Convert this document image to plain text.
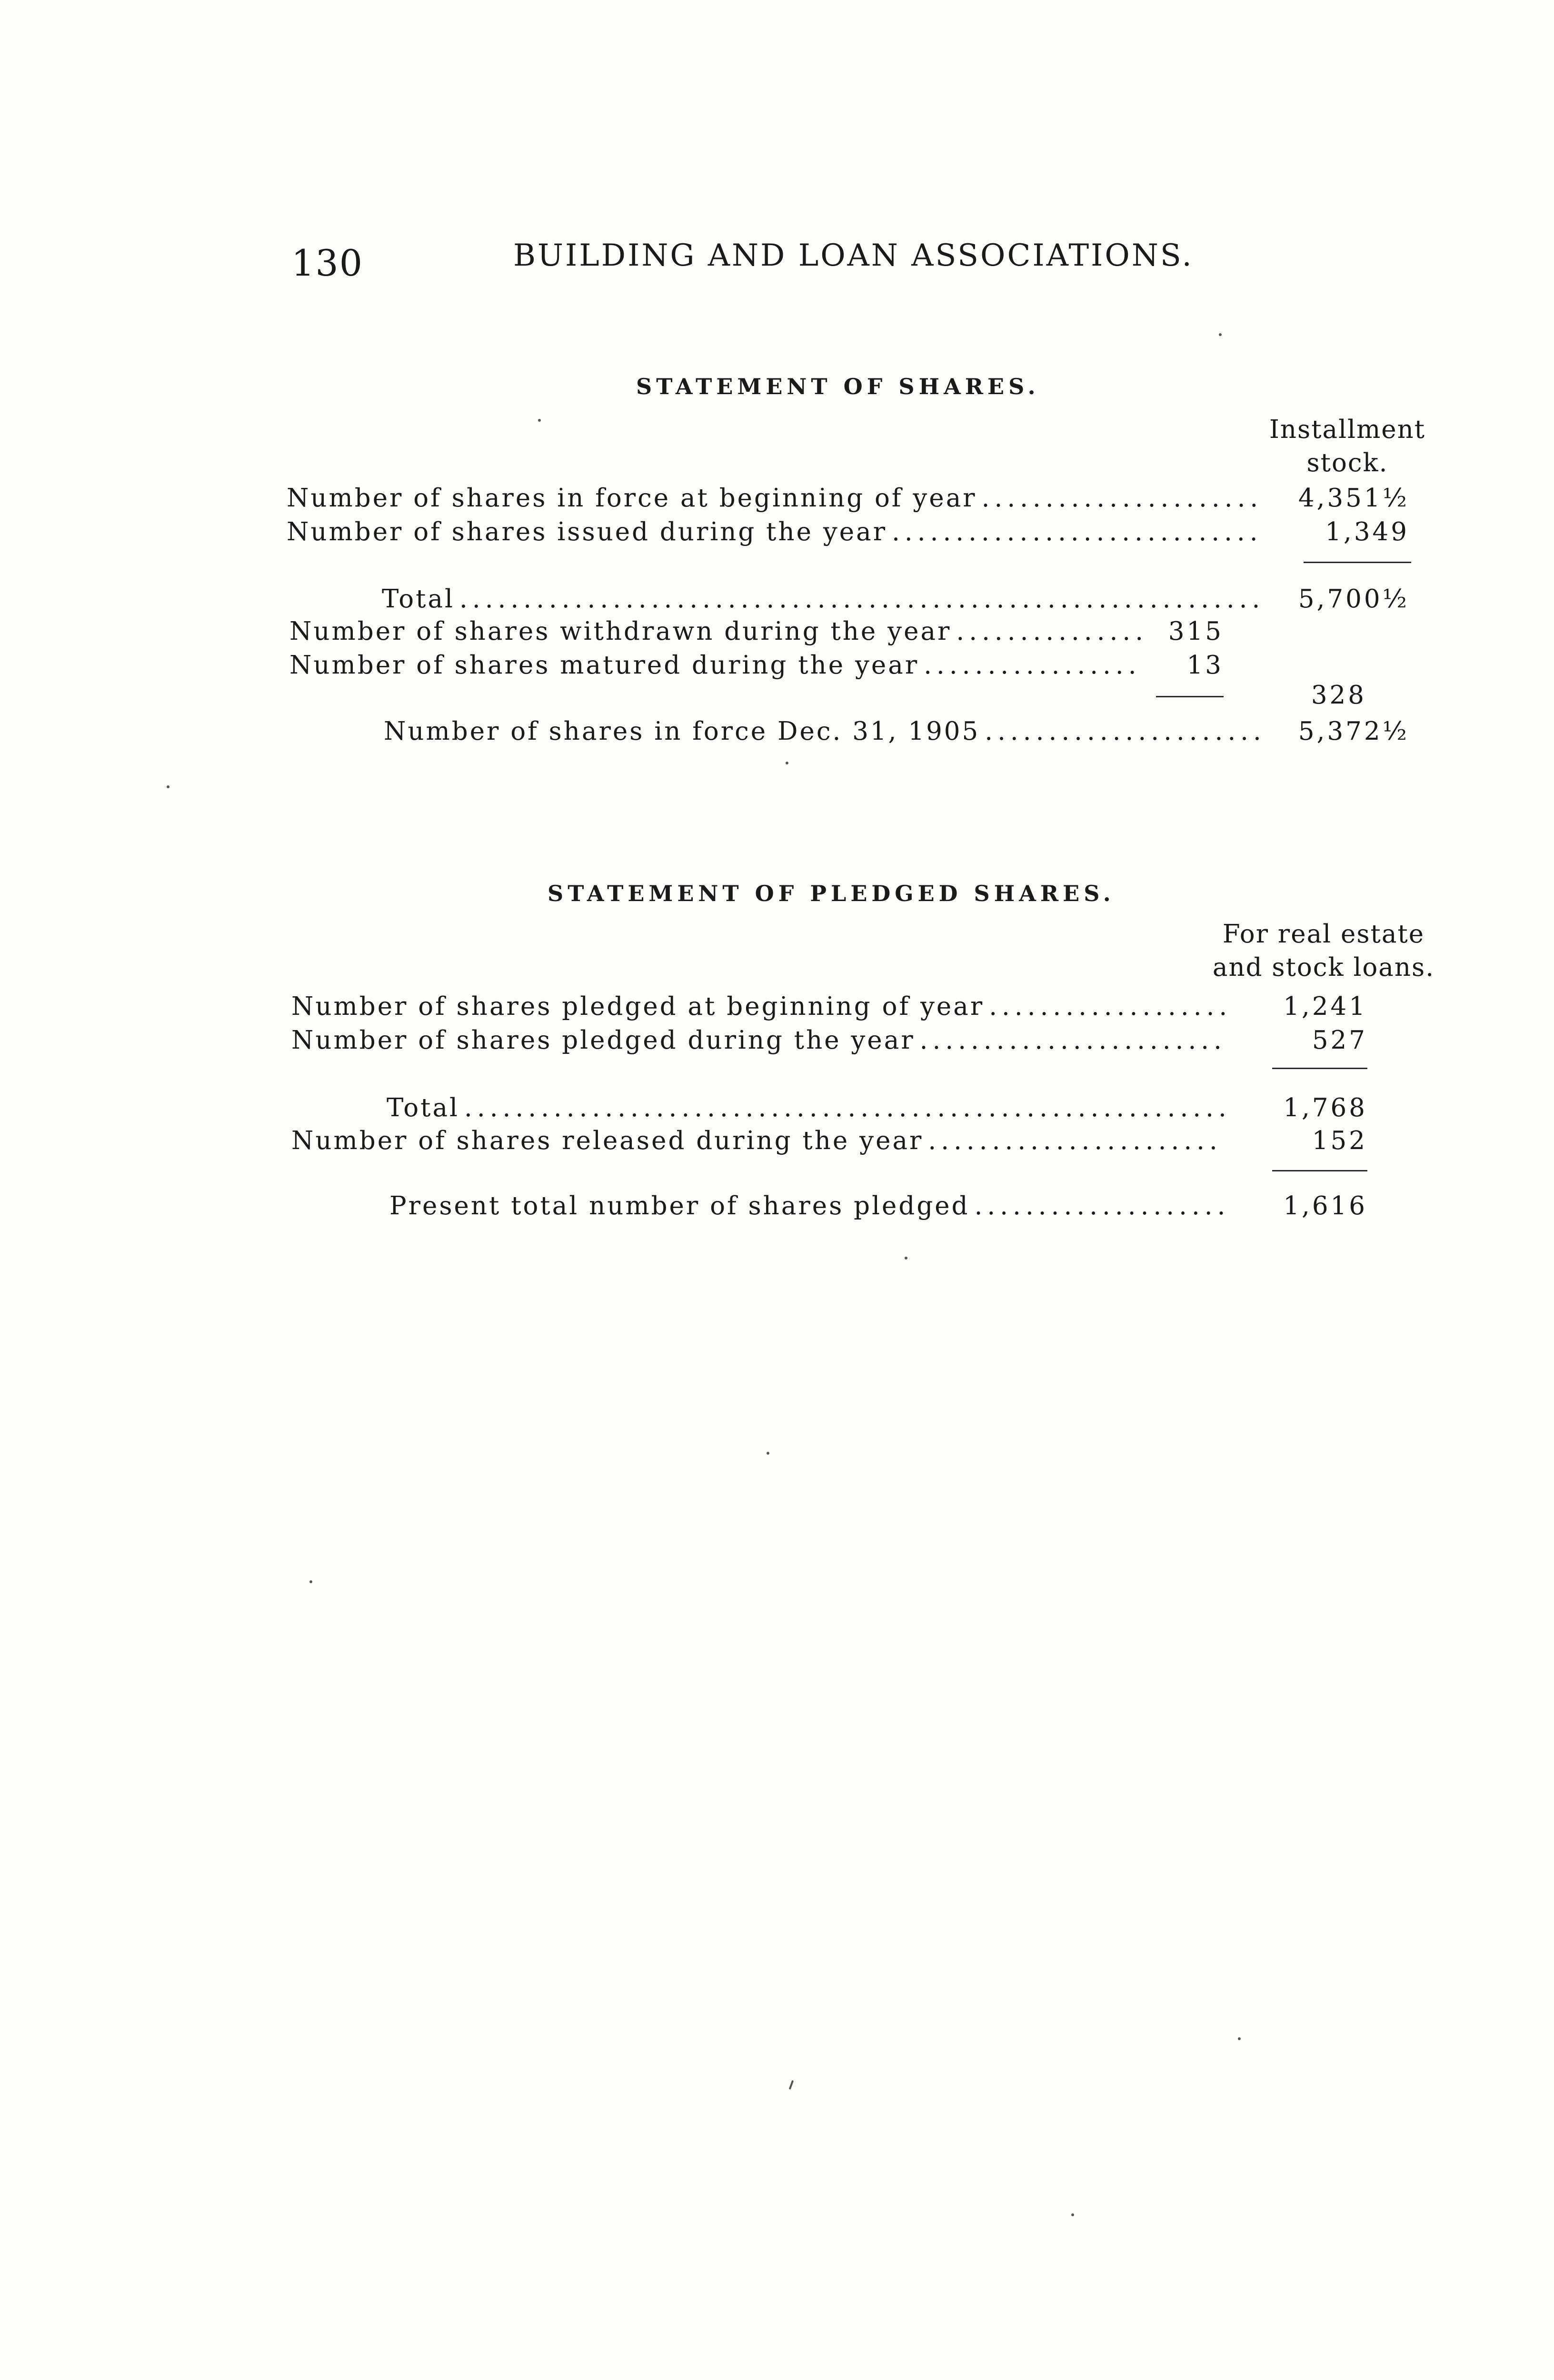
130	BUILDING AND LOAN ASSOCIATIONS.
STATEMENT OF SHARES.
Installment
stock.
Number of shares in force at beginning of year .....	4,351½
Number of shares issued during the year .....	1,349
Total .....	5,700½
Number of shares withdrawn during the year .....	315
Number of shares matured during the year .....	13
328
Number of shares in force Dec. 31, 1905 .....	5,372½
STATEMENT OF PLEDGED SHARES.
For real estate
and stock loans.
Number of shares pledged at beginning of year .....	1,241
Number of shares pledged during the year .....	527
Total .....	1,768
Number of shares released during the year .....	152
Present total number of shares pledged .....	1,616
